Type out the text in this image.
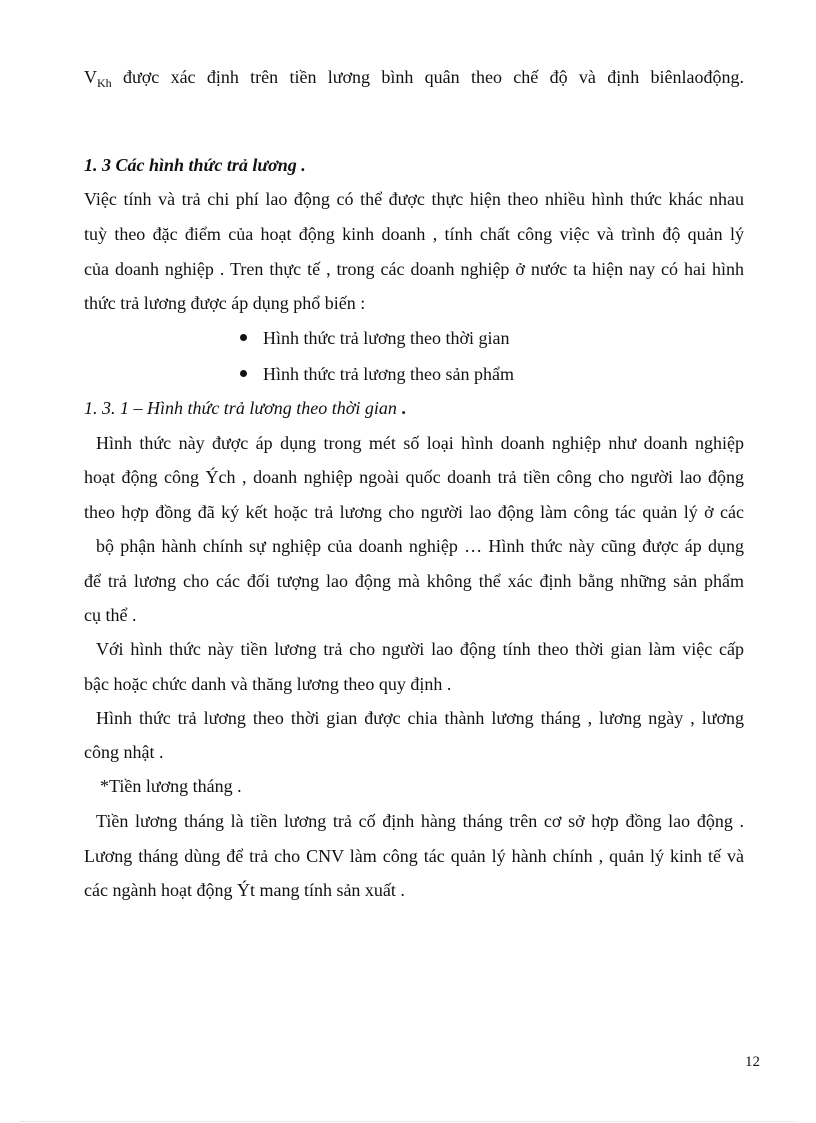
$V_{Kh}$ được xác định trên tiền lương bình quân theo chế độ và định biênlaođộng.
1. 3 Các hình thức trả lương .
Việc tính và trả chi phí lao động có thể được thực hiện theo nhiều hình thức khác nhau
tuỳ theo đặc điểm của hoạt động kinh doanh , tính chất công việc và trình độ quản lý
của doanh nghiệp . Tren thực tế , trong các doanh nghiệp ở nước ta hiện nay có hai hình
thức trả lương được áp dụng phổ biến :
Hình thức trả lương theo thời gian
Hình thức trả lương theo sản phẩm
1. 3. 1 – Hình thức trả lương theo thời gian .
Hình thức này được áp dụng trong mét số loại hình doanh nghiệp như doanh nghiệp
hoạt động công Ých , doanh nghiệp ngoài quốc doanh trả tiền công cho người lao động
theo hợp đồng đã ký kết hoặc trả lương cho người lao động làm công tác quản lý ở các
bộ phận hành chính sự nghiệp của doanh nghiệp … Hình thức này cũng được áp dụng
để trả lương cho các đối tượng lao động mà không thể xác định bằng những sản phẩm
cụ thể .
Với hình thức này tiền lương trả cho người lao động tính theo thời gian làm việc cấp
bậc hoặc chức danh và thăng lương theo quy định .
Hình thức trả lương theo thời gian được chia thành lương tháng , lương ngày , lương
công nhật .
*Tiền lương tháng .
Tiền lương tháng là tiền lương trả cố định hàng tháng trên cơ sở hợp đồng lao động .
Lương tháng dùng để trả cho CNV làm công tác quản lý hành chính , quản lý kinh tế và
các ngành hoạt động Ýt mang tính sản xuất .
12
